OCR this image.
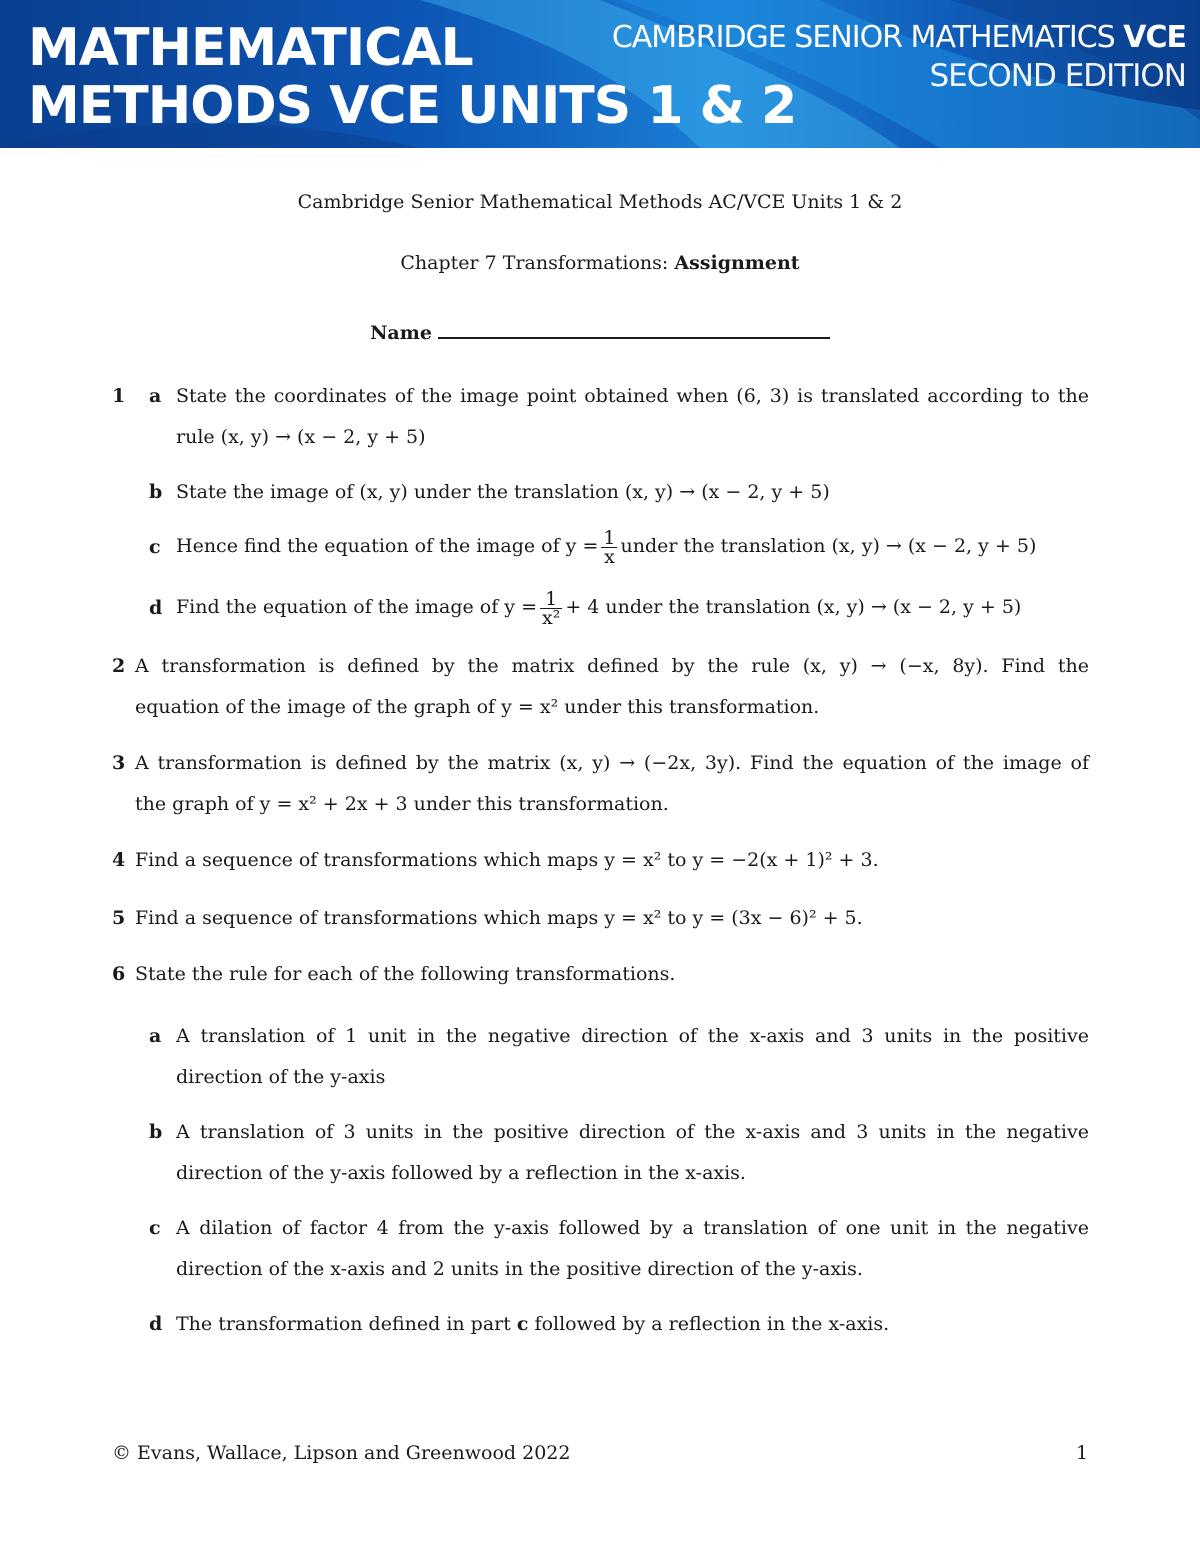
MATHEMATICAL
METHODS VCE UNITS 1 & 2
CAMBRIDGE SENIOR MATHEMATICS VCE
SECOND EDITION
Cambridge Senior Mathematical Methods AC/VCE Units 1 & 2
Chapter 7 Transformations: Assignment
Name
1 a State the coordinates of the image point obtained when (6, 3) is translated according to the
rule (x, y) → (x − 2, y + 5)
b State the image of (x, y) under the translation (x, y) → (x − 2, y + 5)
c Hence find the equation of the image of $y = \frac{1}{x}$ under the translation (x, y) → (x − 2, y + 5)
d Find the equation of the image of $y = \frac{1}{\text{x²}} + 4$ under the translation (x, y) → (x − 2, y + 5)
2 A transformation is defined by the matrix defined by the rule (x, y) → (−x, 8y). Find the
equation of the image of the graph of y = x² under this transformation.
3 A transformation is defined by the matrix (x, y) → (−2x, 3y). Find the equation of the image of
the graph of y = x² + 2x + 3 under this transformation.
4 Find a sequence of transformations which maps y = x² to y = −2(x + 1)² + 3.
5 Find a sequence of transformations which maps y = x² to y = (3x − 6)² + 5.
6 State the rule for each of the following transformations.
a A translation of 1 unit in the negative direction of the x-axis and 3 units in the positive
direction of the y-axis
b A translation of 3 units in the positive direction of the x-axis and 3 units in the negative
direction of the y-axis followed by a reflection in the x-axis.
c A dilation of factor 4 from the y-axis followed by a translation of one unit in the negative
direction of the x-axis and 2 units in the positive direction of the y-axis.
d The transformation defined in part c followed by a reflection in the x-axis.
© Evans, Wallace, Lipson and Greenwood 2022	1
